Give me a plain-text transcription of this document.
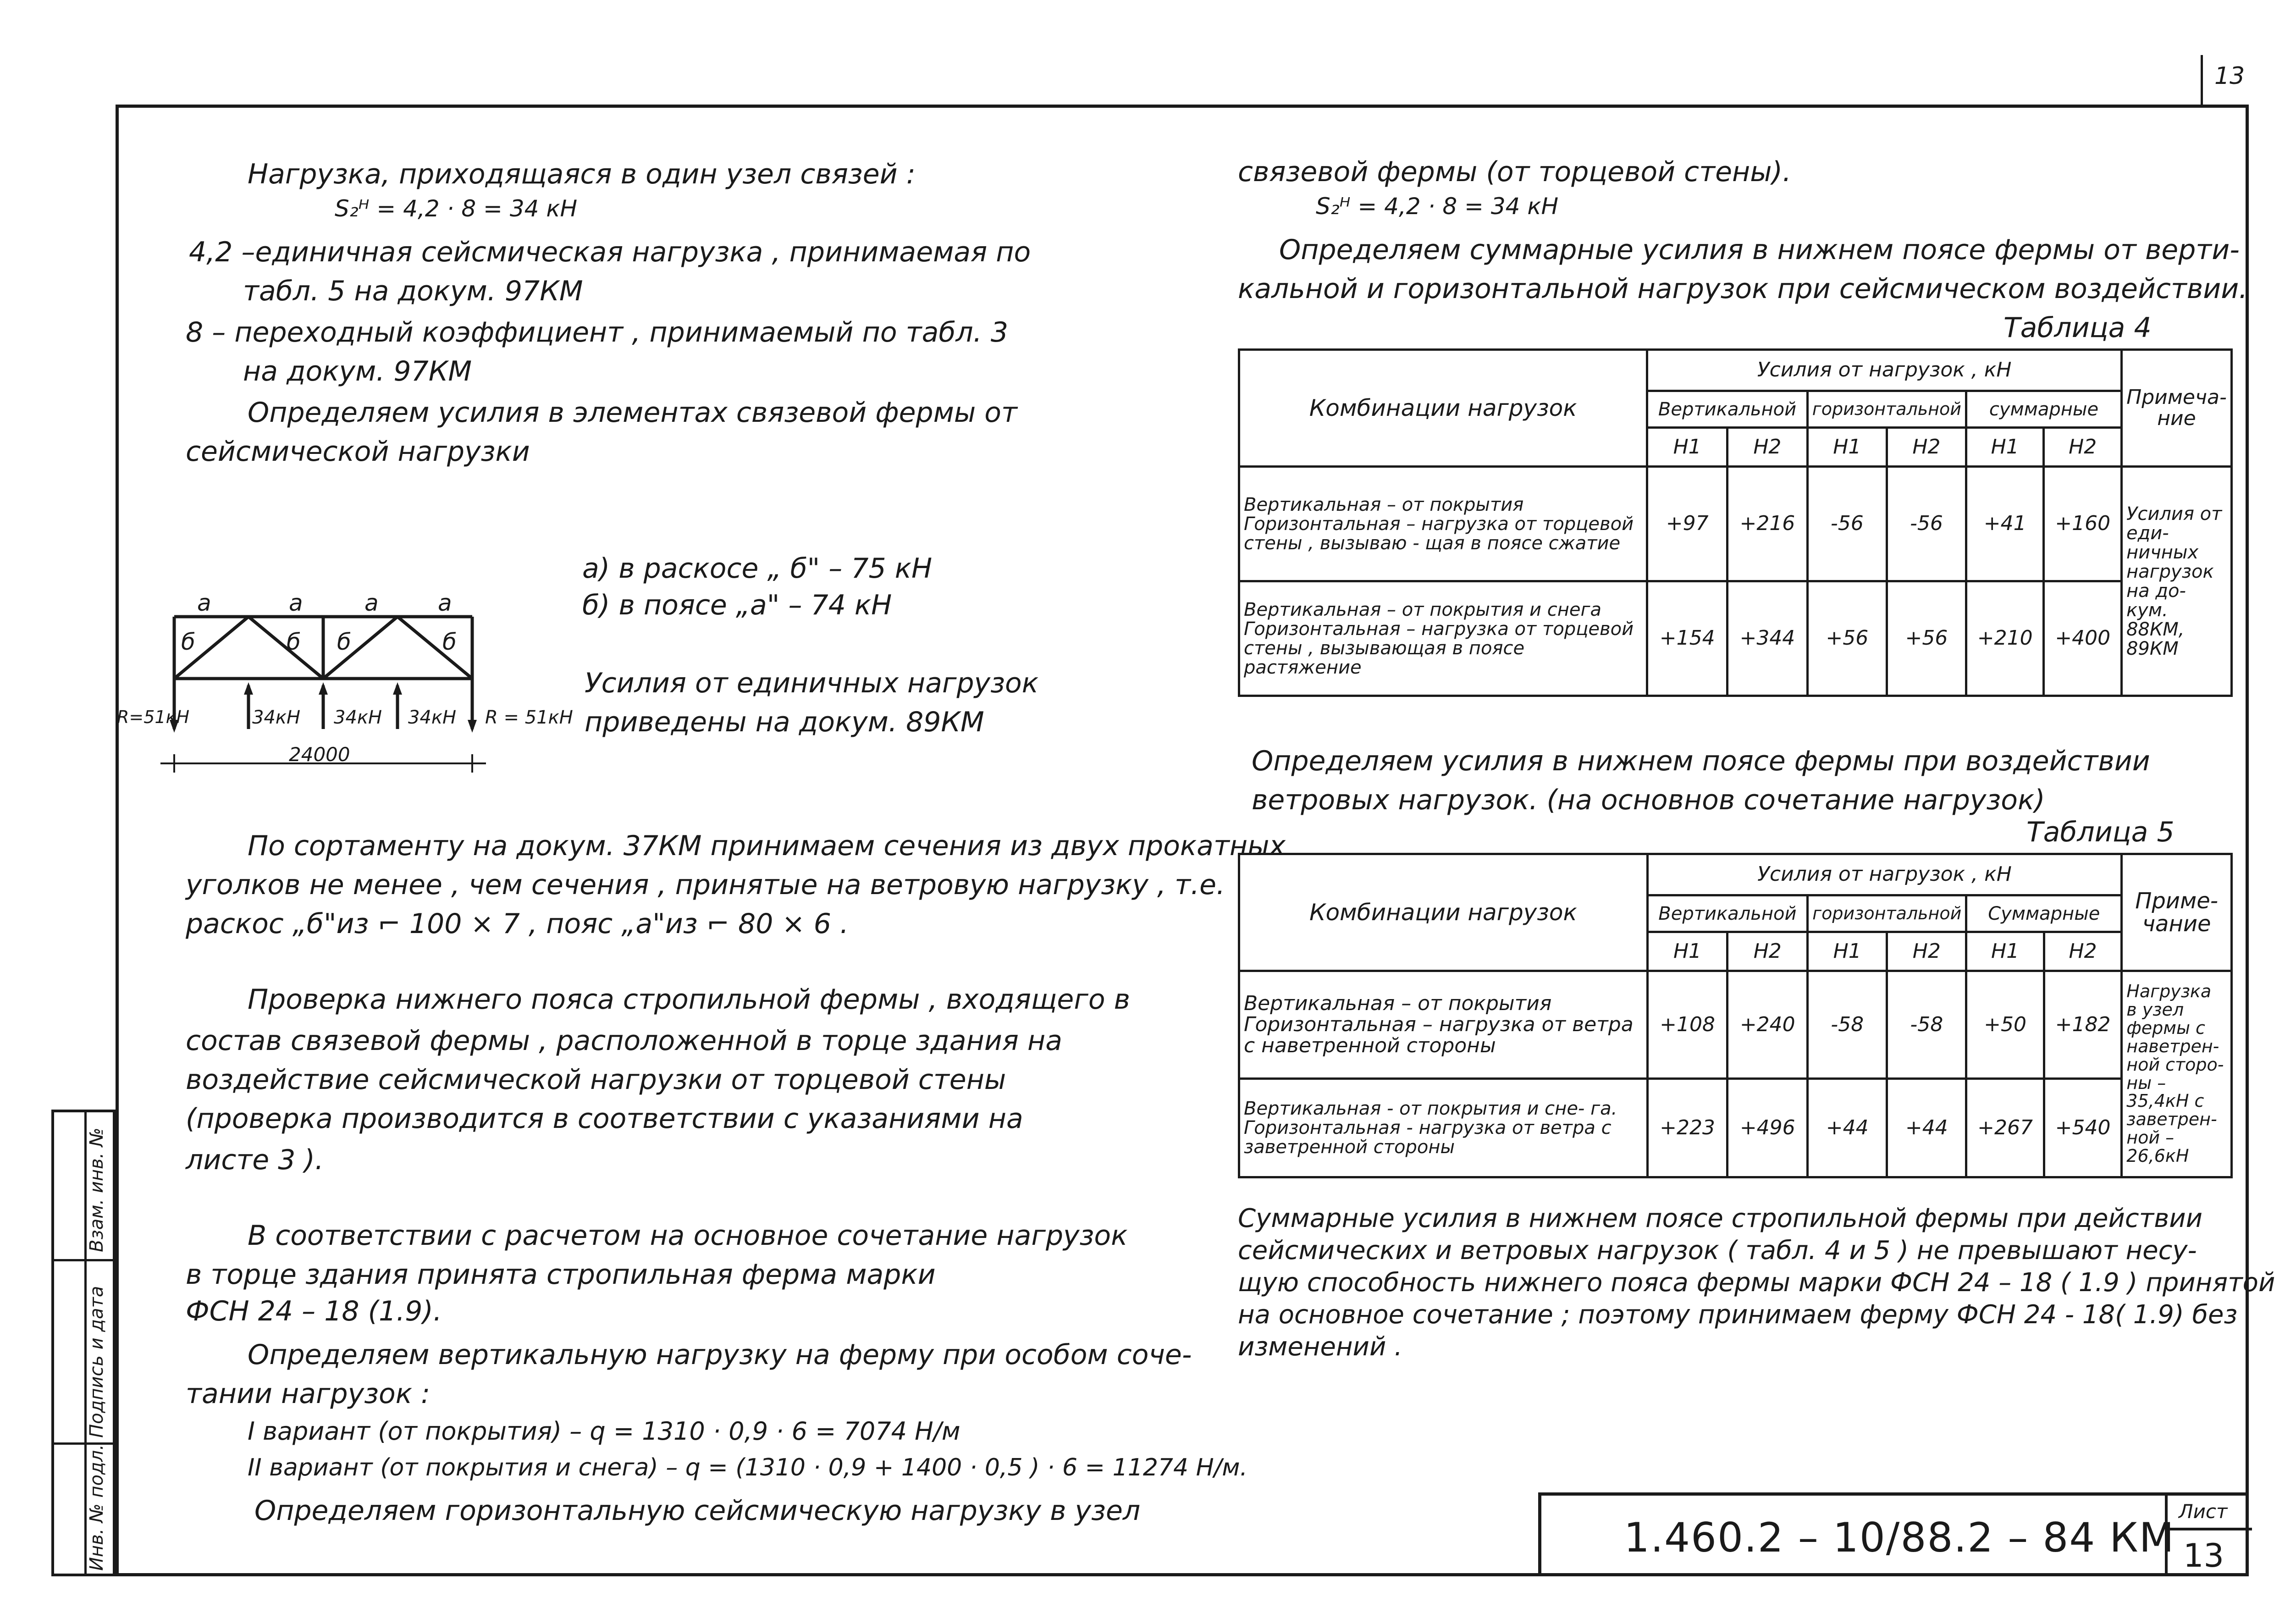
13
Инв. № подл.
Подпись и дата
Взам. инв. №
Нагрузка, приходящаяся в один узел связей :
S₂ᴴ = 4,2 · 8 = 34 кН
4,2 –единичная сейсмическая нагрузка , принимаемая по
табл. 5 на докум. 97КМ
8 – переходный коэффициент , принимаемый по табл. 3
на докум. 97КМ
Определяем усилия в элементах связевой фермы от
сейсмической нагрузки
а	а	а	а
б	б б	б
R=51кН	R = 51кН
34кН 34кН 34кН
24000
а) в раскосе „ б" – 75 кН
б) в поясе „а" – 74 кН
Усилия от единичных нагрузок
приведены на докум. 89КМ
По сортаменту на докум. 37КМ принимаем сечения из двух прокатных
уголков не менее , чем сечения , принятые на ветровую нагрузку , т.е.
раскос „б"из ⌐ 100 × 7 , пояс „а"из ⌐ 80 × 6 .
Проверка нижнего пояса стропильной фермы , входящего в
состав связевой фермы , расположенной в торце здания на
воздействие сейсмической нагрузки от торцевой стены
(проверка производится в соответствии с указаниями на
листе 3 ).
В соответствии с расчетом на основное сочетание нагрузок
в торце здания принята стропильная ферма марки
ФСН 24 – 18 (1.9).
Определяем вертикальную нагрузку на ферму при особом соче-
тании нагрузок :
I вариант (от покрытия) – q = 1310 · 0,9 · 6 = 7074 Н/м
II вариант (от покрытия и снега) – q = (1310 · 0,9 + 1400 · 0,5 ) · 6 = 11274 Н/м.
Определяем горизонтальную сейсмическую нагрузку в узел
связевой фермы (от торцевой стены).
S₂ᴴ = 4,2 · 8 = 34 кН
Определяем суммарные усилия в нижнем поясе фермы от верти-
кальной и горизонтальной нагрузок при сейсмическом воздействии.
Таблица 4
Комбинации нагрузок	Усилия от нагрузок , кН						Примеча-ние
	Вертикальной		горизонтальной		суммарные		
	Н1	Н2	Н1	Н2	Н1	Н2	
Вертикальная – от покрытия Горизонтальная – нагрузка от торцевой стены , вызываю - щая в поясе сжатие	+97	+216	-56	-56	+41	+160	Усилия от еди- ничных нагрузок на до- кум. 88КМ, 89КМ
Вертикальная – от покрытия и снега Горизонтальная – нагрузка от торцевой стены , вызывающая в поясе растяжение	+154	+344	+56	+56	+210	+400	
Определяем усилия в нижнем поясе фермы при воздействии
ветровых нагрузок. (на основнов сочетание нагрузок)
Таблица 5
Комбинации нагрузок	Усилия от нагрузок , кН						Приме-чание
	Вертикальной		горизонтальной		Суммарные		
	Н1	Н2	Н1	Н2	Н1	Н2	
Вертикальная – от покрытия Горизонтальная – нагрузка от ветра с наветренной стороны	+108	+240	-58	-58	+50	+182	Нагрузка в узел фермы с наветрен- ной сторо- ны – 35,4кН с заветрен- ной – 26,6кН
Вертикальная - от покрытия и сне- га. Горизонтальная - нагрузка от ветра с заветренной стороны	+223	+496	+44	+44	+267	+540	
Суммарные усилия в нижнем поясе стропильной фермы при действии
сейсмических и ветровых нагрузок ( табл. 4 и 5 ) не превышают несу-
щую способность нижнего пояса фермы марки ФСН 24 – 18 ( 1.9 ) принятой
на основное сочетание ; поэтому принимаем ферму ФСН 24 - 18( 1.9) без
изменений .
1.460.2 – 10/88.2 – 84 КМ
Лист
13
